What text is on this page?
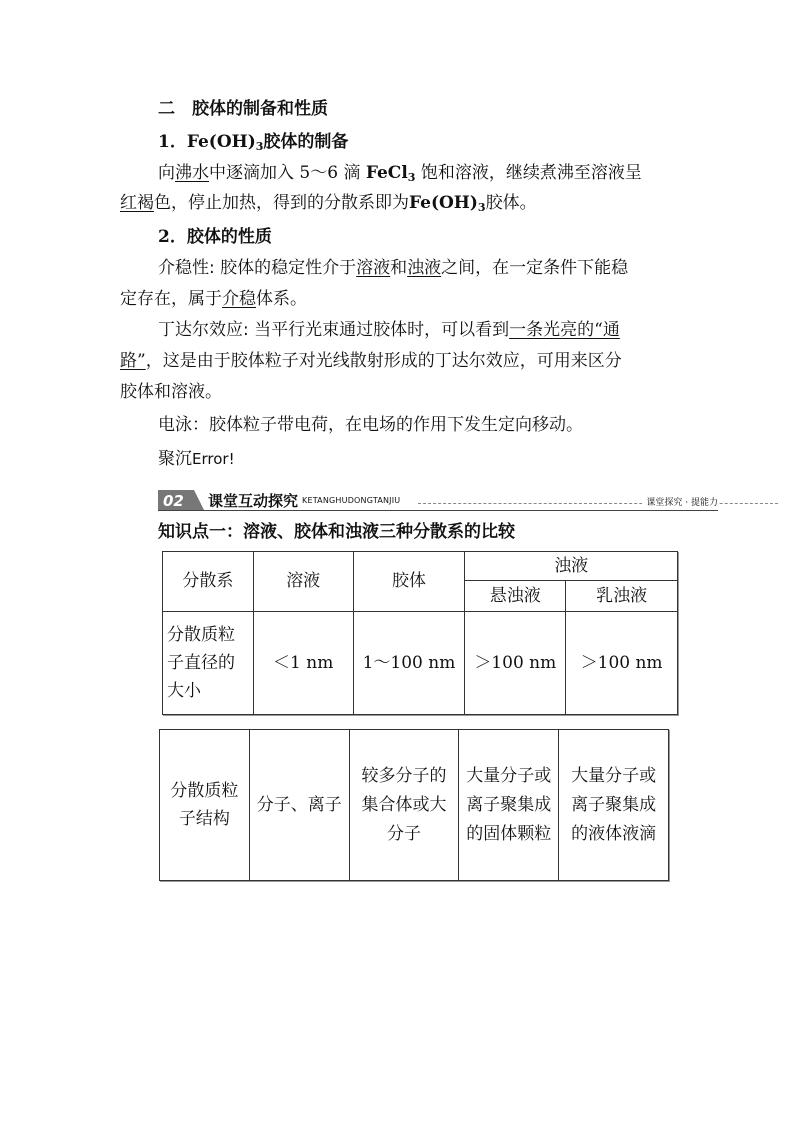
二　胶体的制备和性质
1．$Fe(OH)_3$胶体的制备
向沸水中逐滴加入 5～6 滴 FeCl$_3$ 饱和溶液，继续煮沸至溶液呈
红褐色，停止加热，得到的分散系即为$Fe(OH)_3$胶体。
2．胶体的性质
介稳性: 胶体的稳定性介于溶液和浊液之间，在一定条件下能稳
定存在，属于介稳体系。
丁达尔效应: 当平行光束通过胶体时，可以看到一条光亮的“通
路”，这是由于胶体粒子对光线散射形成的丁达尔效应，可用来区分
胶体和溶液。
电泳：胶体粒子带电荷，在电场的作用下发生定向移动。
聚沉Error!
02 课堂互动探究 KETANGHUDONGTANJIU	课堂探究 · 提能力
知识点一：溶液、胶体和浊液三种分散系的比较
分散系	溶液	胶体	浊液	
			悬浊液	乳浊液
分散质粒子直径的大小	＜1 nm	1～100 nm	＞100 nm	＞100 nm
分散质粒子结构	分子、离子	较多分子的集合体或大分子	大量分子或离子聚集成的固体颗粒	大量分子或离子聚集成的液体液滴
